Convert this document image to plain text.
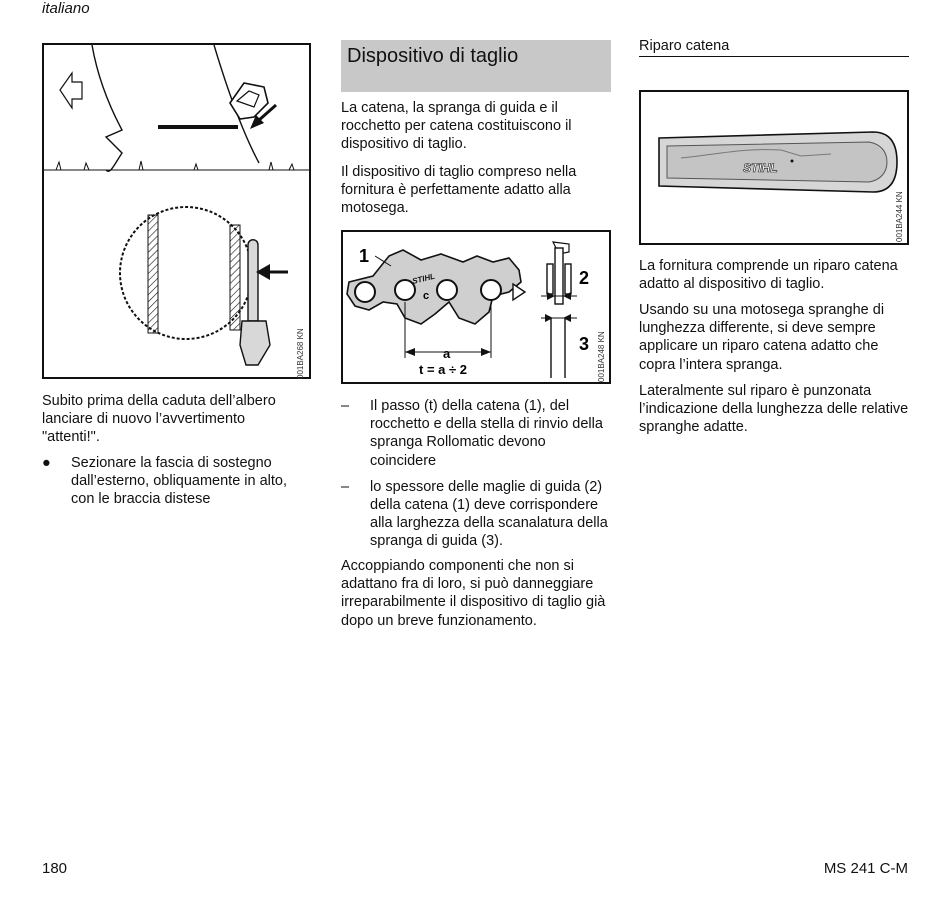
italiano
001BA268 KN

Subito prima della caduta dell’albero lanciare di nuovo l’avvertimento "attenti!".

● Sezionare la fascia di sostegno dall’esterno, obliquamente in alto, con le braccia distese
Dispositivo di taglio

La catena, la spranga di guida e il rocchetto per catena costituiscono il dispositivo di taglio.

Il dispositivo di taglio compreso nella fornitura è perfettamente adatto alla motosega.

STIHL
1
c
a
t = a ÷ 2
2
3 001BA248 KN
– Il passo (t) della catena (1), del rocchetto e della stella di rinvio della spranga Rollomatic devono coincidere
– lo spessore delle maglie di guida (2) della catena (1) deve corrispondere alla larghezza della scanalatura della spranga di guida (3).

Accoppiando componenti che non si adattano fra di loro, si può danneggiare irreparabilmente il dispositivo di taglio già dopo un breve funzionamento.

Riparo catena
STIHL
001BA244 KN

La fornitura comprende un riparo catena adatto al dispositivo di taglio.

Usando su una motosega spranghe di lunghezza differente, si deve sempre applicare un riparo catena adatto che copra l’intera spranga.

Lateralmente sul riparo è punzonata l’indicazione della lunghezza delle relative spranghe adatte.

180	MS 241 C-M
